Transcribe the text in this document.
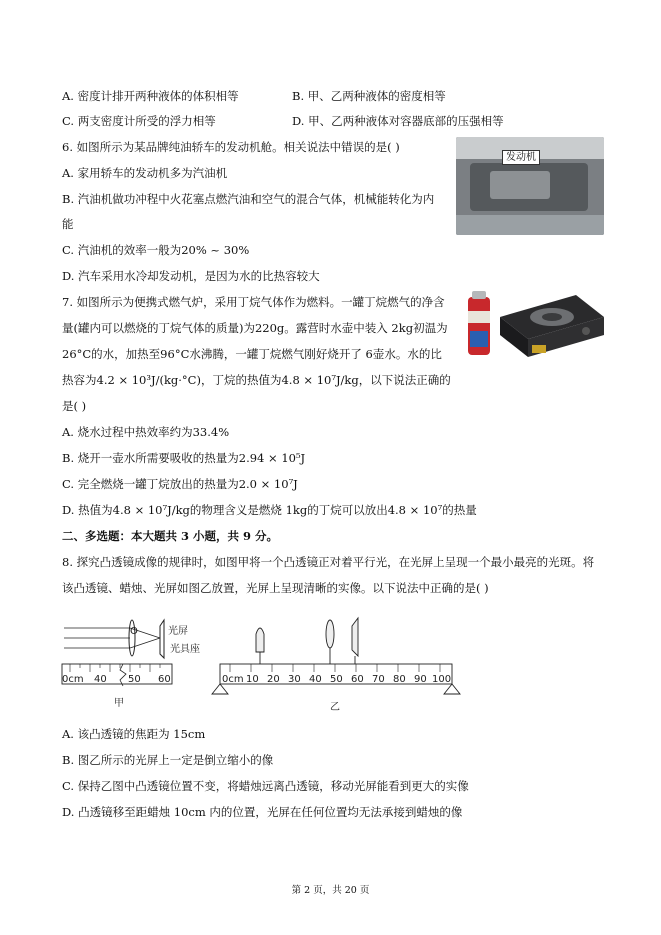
A. 密度计排开两种液体的体积相等	B. 甲、乙两种液体的密度相等
C. 两支密度计所受的浮力相等	D. 甲、乙两种液体对容器底部的压强相等
6. 如图所示为某品牌纯油轿车的发动机舱。相关说法中错误的是( )
A. 家用轿车的发动机多为汽油机
B. 汽油机做功冲程中火花塞点燃汽油和空气的混合气体，机械能转化为内
能
C. 汽油机的效率一般为20% ~ 30%
D. 汽车采用水冷却发动机，是因为水的比热容较大
发动机
7. 如图所示为便携式燃气炉，采用丁烷气体作为燃料。一罐丁烷燃气的净含
量(罐内可以燃烧的丁烷气体的质量)为220g。露营时水壶中装入 2kg初温为
26°C的水，加热至96°C水沸腾，一罐丁烷燃气刚好烧开了 6壶水。水的比
热容为4.2 × 10³J/(kg·°C)，丁烷的热值为4.8 × 10⁷J/kg，以下说法正确的
是( )
A. 烧水过程中热效率约为33.4%
B. 烧开一壶水所需要吸收的热量为2.94 × 10⁵J
C. 完全燃烧一罐丁烷放出的热量为2.0 × 10⁷J
D. 热值为4.8 × 10⁷J/kg的物理含义是燃烧 1kg的丁烷可以放出4.8 × 10⁷的热量
二、多选题：本大题共 3 小题，共 9 分。
8. 探究凸透镜成像的规律时，如图甲将一个凸透镜正对着平行光，在光屏上呈现一个最小最亮的光斑。将
该凸透镜、蜡烛、光屏如图乙放置，光屏上呈现清晰的实像。以下说法中正确的是( )
O	光屏
光具座
0cm 40 50 60
甲
0cm 10 20 30 40 50 60 70 80 90 100
乙
A. 该凸透镜的焦距为 15cm
B. 图乙所示的光屏上一定是倒立缩小的像
C. 保持乙图中凸透镜位置不变，将蜡烛远离凸透镜，移动光屏能看到更大的实像
D. 凸透镜移至距蜡烛 10cm 内的位置，光屏在任何位置均无法承接到蜡烛的像
第 2 页，共 20 页
